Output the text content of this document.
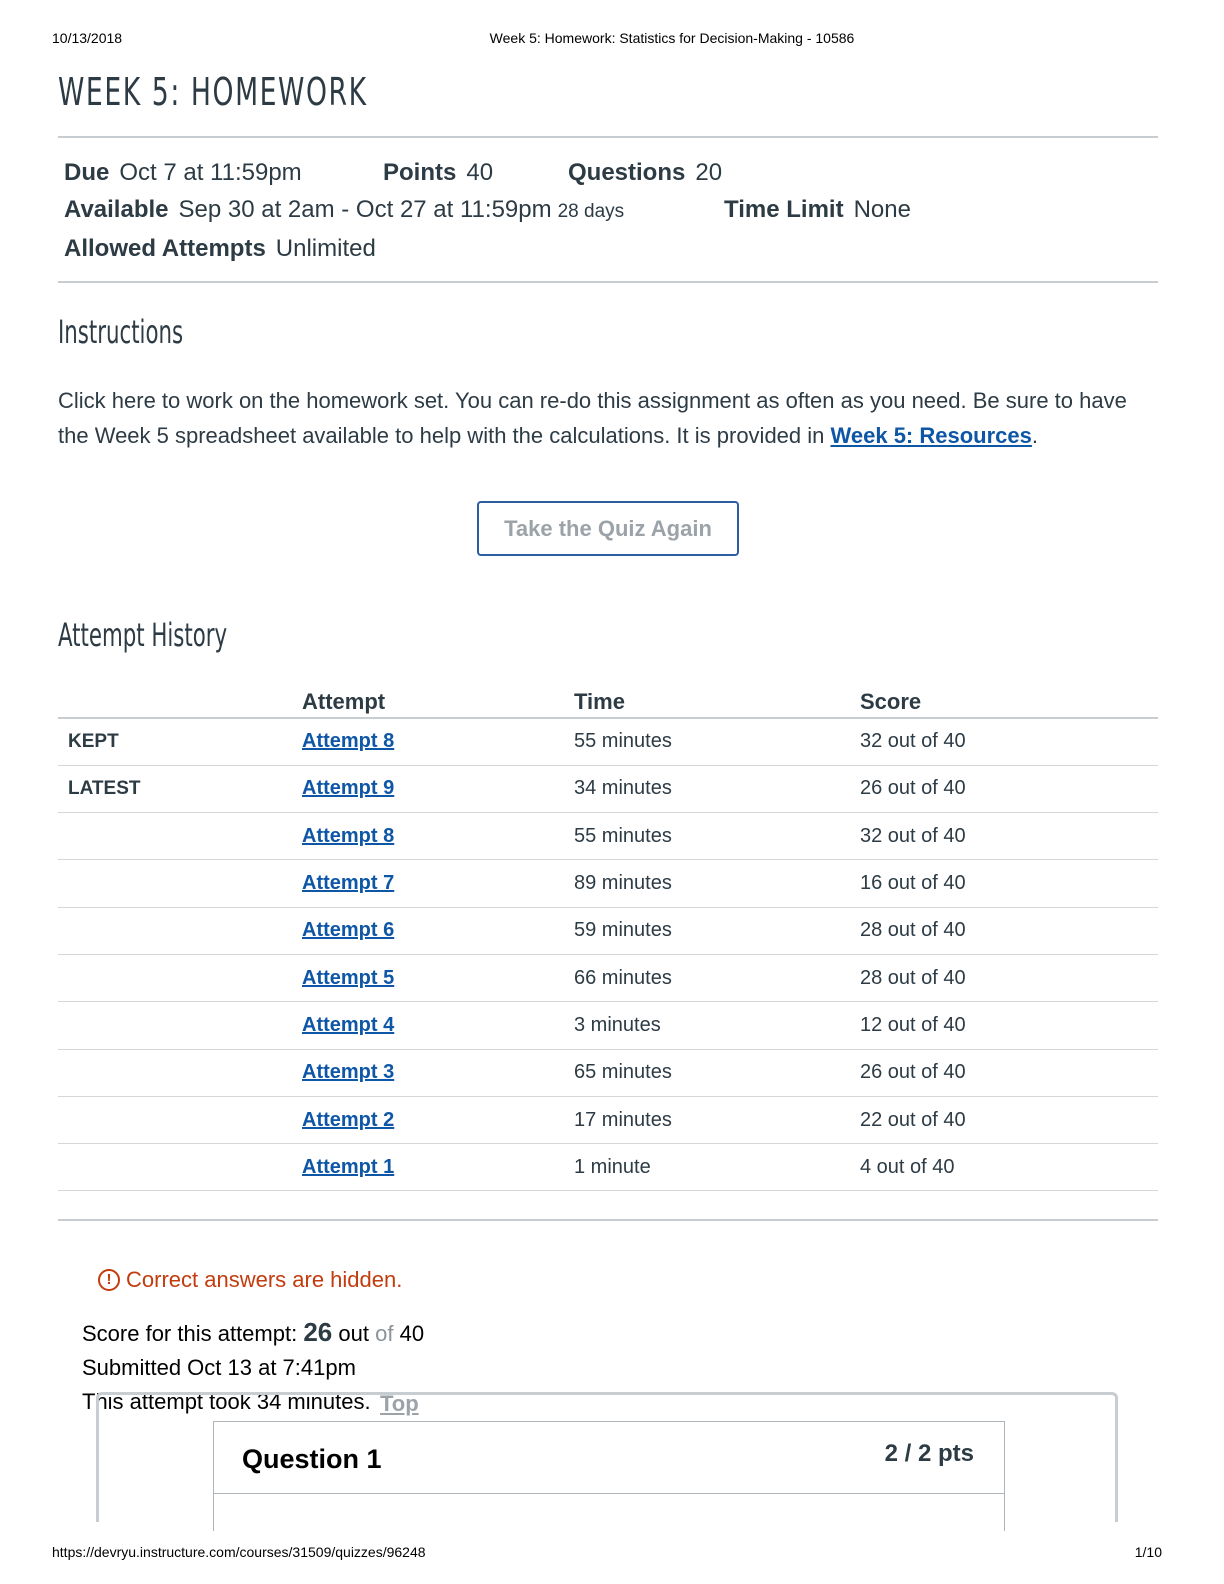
10/13/2018	Week 5: Homework: Statistics for Decision-Making - 10586
WEEK 5: HOMEWORK
Due Oct 7 at 11:59pm	Points 40	Questions 20
Available Sep 30 at 2am - Oct 27 at 11:59pm 28 days	Time Limit None
Allowed Attempts Unlimited
Instructions

Click here to work on the homework set. You can re-do this assignment as often as you need. Be sure to have the Week 5 spreadsheet available to help with the calculations. It is provided in Week 5: Resources.

Take the Quiz Again
Attempt History
	Attempt	Time	Score
KEPT	Attempt 8	55 minutes	32 out of 40
LATEST	Attempt 9	34 minutes	26 out of 40
	Attempt 8	55 minutes	32 out of 40
	Attempt 7	89 minutes	16 out of 40
	Attempt 6	59 minutes	28 out of 40
	Attempt 5	66 minutes	28 out of 40
	Attempt 4	3 minutes	12 out of 40
	Attempt 3	65 minutes	26 out of 40
	Attempt 2	17 minutes	22 out of 40
	Attempt 1	1 minute	4 out of 40
! Correct answers are hidden.
Score for this attempt: 26 out of 40
Submitted Oct 13 at 7:41pm
This attempt took 34 minutes. Top
Question 1	2 / 2 pts
https://devryu.instructure.com/courses/31509/quizzes/96248	1/10
